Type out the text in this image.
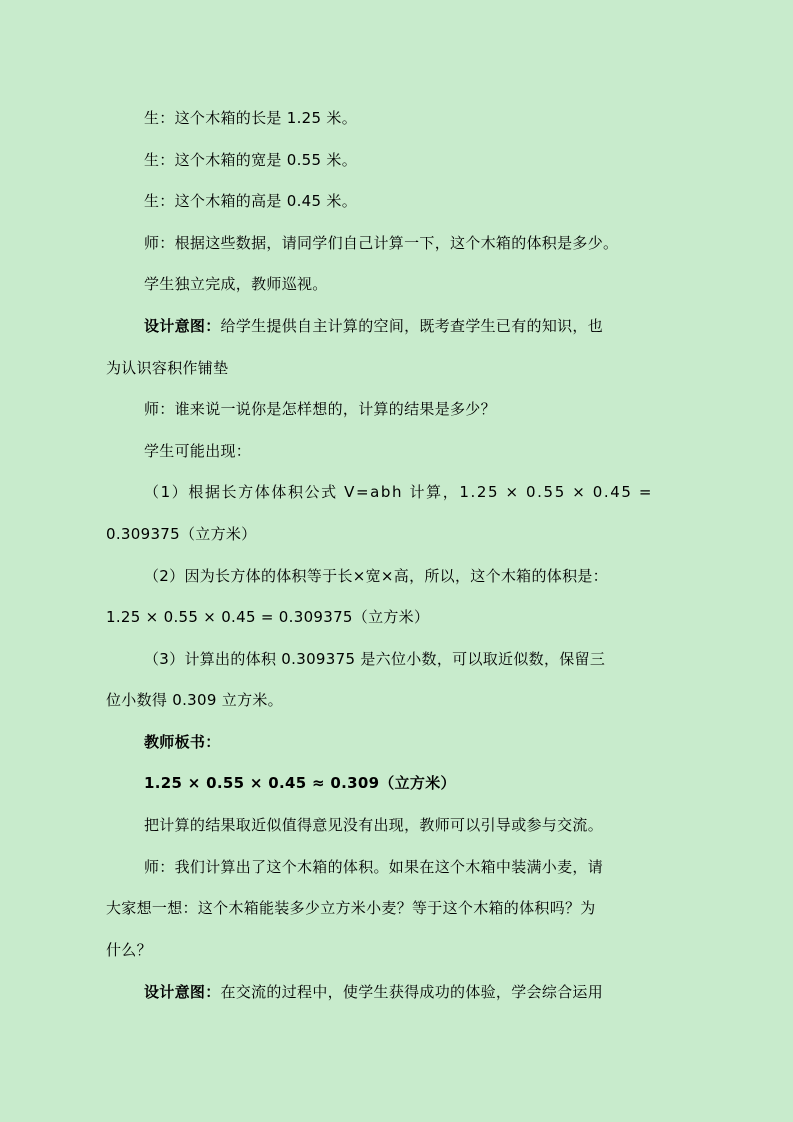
生：这个木箱的长是 1.25 米。
生：这个木箱的宽是 0.55 米。
生：这个木箱的高是 0.45 米。
师：根据这些数据，请同学们自己计算一下，这个木箱的体积是多少。
学生独立完成，教师巡视。
设计意图：给学生提供自主计算的空间，既考查学生已有的知识，也
为认识容积作铺垫
师：谁来说一说你是怎样想的，计算的结果是多少？
学生可能出现：
（1）根据长方体体积公式 V=abh 计算，1.25 × 0.55 × 0.45 =
0.309375（立方米）
（2）因为长方体的体积等于长×宽×高，所以，这个木箱的体积是：
1.25 × 0.55 × 0.45 = 0.309375（立方米）
（3）计算出的体积 0.309375 是六位小数，可以取近似数，保留三
位小数得 0.309 立方米。
教师板书：
1.25 × 0.55 × 0.45 ≈ 0.309（立方米）
把计算的结果取近似值得意见没有出现，教师可以引导或参与交流。
师：我们计算出了这个木箱的体积。如果在这个木箱中装满小麦，请
大家想一想：这个木箱能装多少立方米小麦？等于这个木箱的体积吗？为
什么？
设计意图：在交流的过程中，使学生获得成功的体验，学会综合运用
